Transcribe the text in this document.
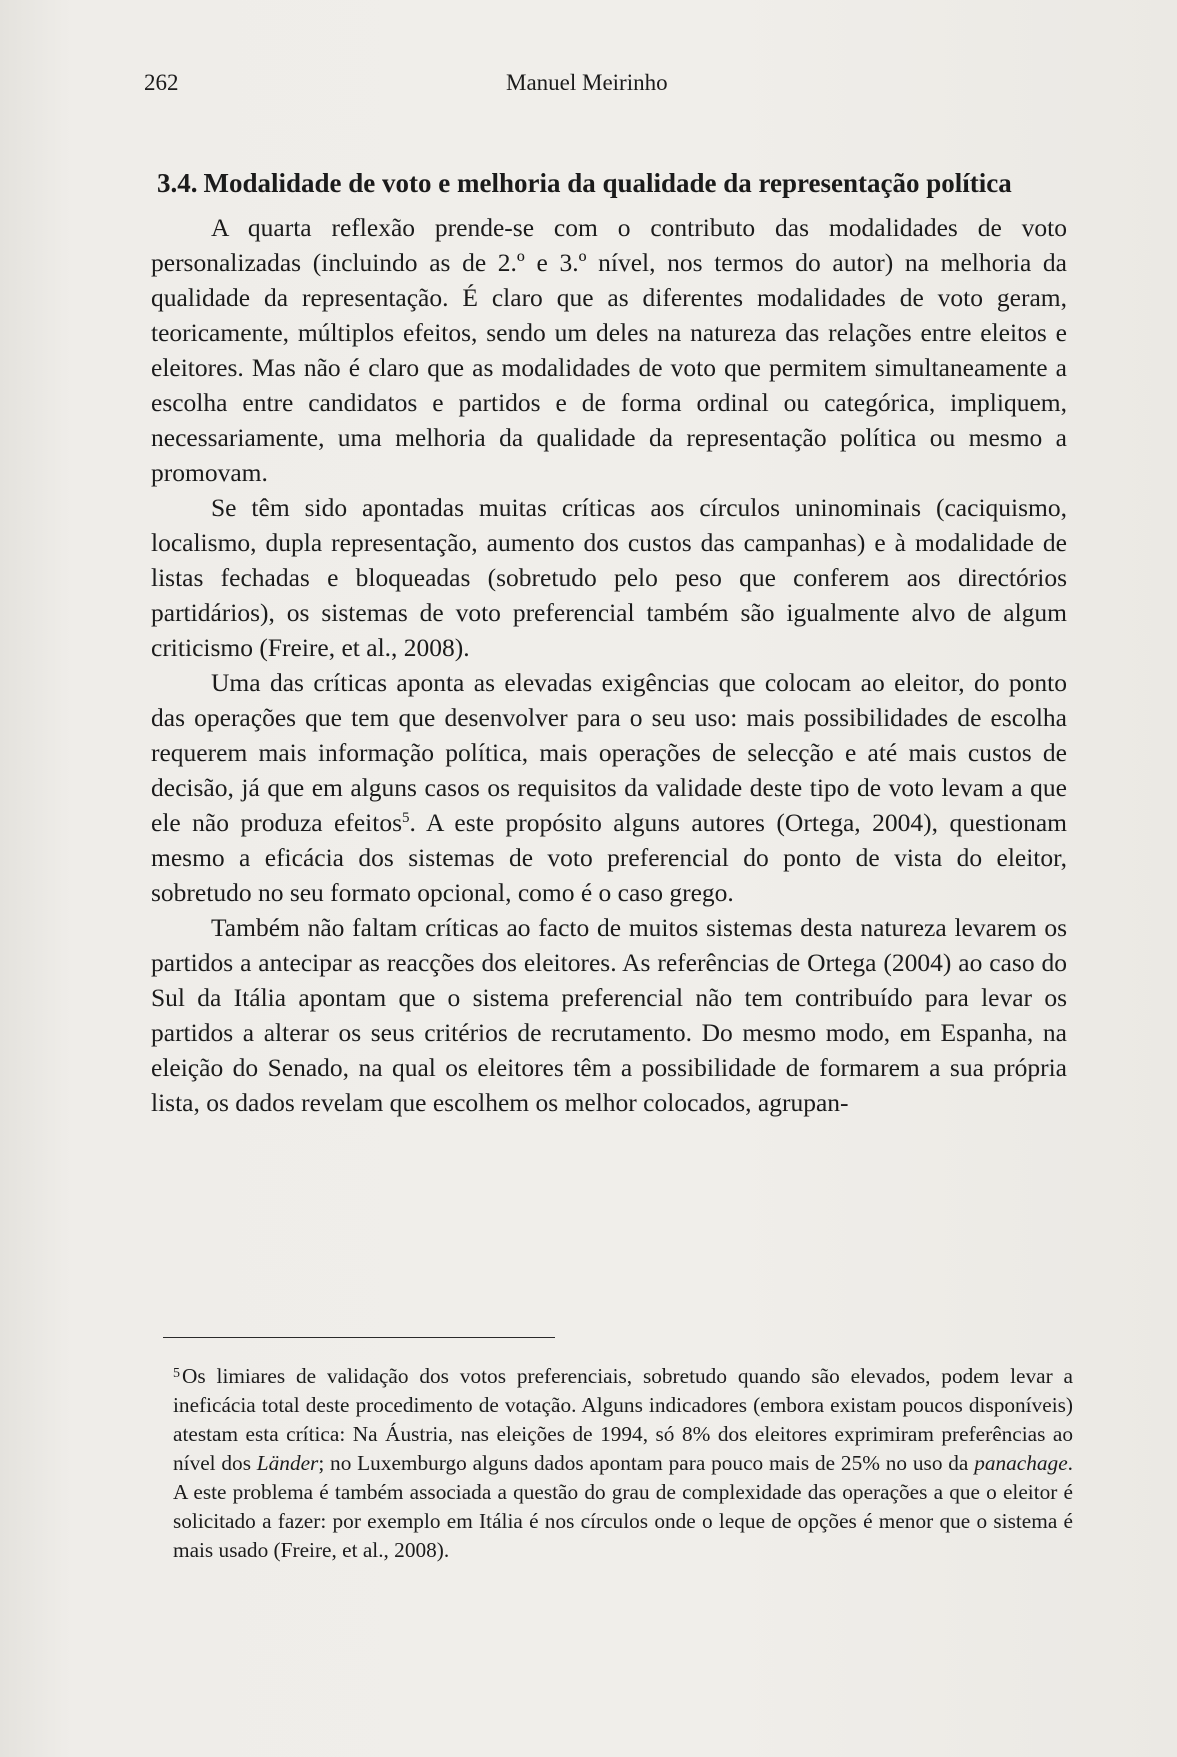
262	Manuel Meirinho
3.4. Modalidade de voto e melhoria da qualidade da representação política

A quarta reflexão prende-se com o contributo das modalidades de voto personalizadas (incluindo as de 2.º e 3.º nível, nos termos do autor) na melhoria da qualidade da representação. É claro que as diferentes modalidades de voto geram, teoricamente, múltiplos efeitos, sendo um deles na natureza das relações entre eleitos e eleitores. Mas não é claro que as modalidades de voto que permitem simultaneamente a escolha entre candidatos e partidos e de forma ordinal ou categórica, impliquem, necessariamente, uma melhoria da qualidade da representação política ou mesmo a promovam.

Se têm sido apontadas muitas críticas aos círculos uninominais (caciquismo, localismo, dupla representação, aumento dos custos das campanhas) e à modalidade de listas fechadas e bloqueadas (sobretudo pelo peso que conferem aos directórios partidários), os sistemas de voto preferencial também são igualmente alvo de algum criticismo (Freire, et al., 2008).

Uma das críticas aponta as elevadas exigências que colocam ao eleitor, do ponto das operações que tem que desenvolver para o seu uso: mais possibilidades de escolha requerem mais informação política, mais operações de selecção e até mais custos de decisão, já que em alguns casos os requisitos da validade deste tipo de voto levam a que ele não produza efeitos$^5$. A este propósito alguns autores (Ortega, 2004), questionam mesmo a eficácia dos sistemas de voto preferencial do ponto de vista do eleitor, sobretudo no seu formato opcional, como é o caso grego.

Também não faltam críticas ao facto de muitos sistemas desta natureza levarem os partidos a antecipar as reacções dos eleitores. As referências de Ortega (2004) ao caso do Sul da Itália apontam que o sistema preferencial não tem contribuído para levar os partidos a alterar os seus critérios de recrutamento. Do mesmo modo, em Espanha, na eleição do Senado, na qual os eleitores têm a possibilidade de formarem a sua própria lista, os dados revelam que escolhem os melhor colocados, agrupan-

$^5$Os limiares de validação dos votos preferenciais, sobretudo quando são elevados, podem levar a ineficácia total deste procedimento de votação. Alguns indicadores (embora existam poucos disponíveis) atestam esta crítica: Na Áustria, nas eleições de 1994, só 8% dos eleitores exprimiram preferências ao nível dos Länder; no Luxemburgo alguns dados apontam para pouco mais de 25% no uso da panachage. A este problema é também associada a questão do grau de complexidade das operações a que o eleitor é solicitado a fazer: por exemplo em Itália é nos círculos onde o leque de opções é menor que o sistema é mais usado (Freire, et al., 2008).
